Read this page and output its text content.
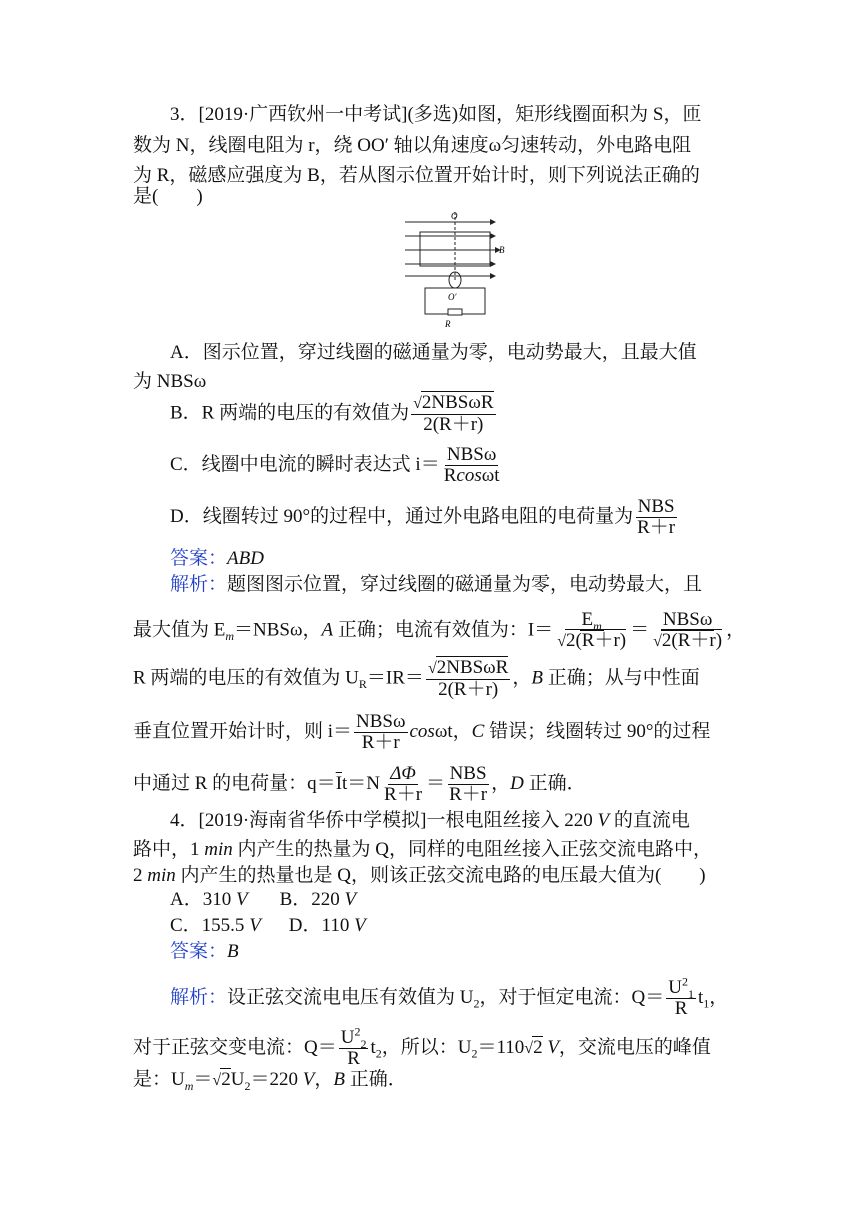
3．[2019·广西钦州一中考试](多选)如图，矩形线圈面积为 S，匝
数为 N，线圈电阻为 r，绕 OO′ 轴以角速度ω匀速转动，外电路电阻
为 R，磁感应强度为 B，若从图示位置开始计时，则下列说法正确的
是(　　)
O
B
O′
R
A．图示位置，穿过线圈的磁通量为零，电动势最大，且最大值
为 NBSω
B．R 两端的电压的有效值为 $\frac{\text{√2NBSωR}}{2(R+r)}$
C．线圈中电流的瞬时表达式 $i= \frac{\text{NBSω}}{Rcos\omega t}$
D．线圈转过 90°的过程中，通过外电路电阻的电荷量为 $\frac{\text{NBS}}{R+r}$
答案：ABD
解析：题图图示位置，穿过线圈的磁通量为零，电动势最大，且
最大值为 $E_m=NBS\omega$，A 正确；电流有效值为：$I= \frac{E_m}{√2(R+r)} = \frac{\text{NBSω}}{√2(R+r)}$ ，
R 两端的电压的有效值为 $U_R=IR= \frac{\text{√2NBSωR}}{2(R+r)}$ ，B 正确；从与中性面
垂直位置开始计时，则 $i= \frac{\text{NBSω}}{R+r}$ cosωt，C 错误；线圈转过 90°的过程
中通过 R 的电荷量：$q=\overline{I}t=N \frac{\Delta\Phi}{R+r} = \frac{\text{NBS}}{R+r}$ ，D 正确．
4．[2019·海南省华侨中学模拟]一根电阻丝接入 220 V 的直流电
路中，1 min 内产生的热量为 Q，同样的电阻丝接入正弦交流电路中，
2 min 内产生的热量也是 Q，则该正弦交流电路的电压最大值为(　　)
A．310 V B．220 V
C．155.5 V D．110 V
答案：B
解析：设正弦交流电电压有效值为 $U_2$，对于恒定电流：$Q= \frac{U^2_1}{R} t_1$，
对于正弦交变电流：$Q= \frac{U^2_2}{R} t_2$，所以：$U_2=110√2$ V，交流电压的峰值
是：$U_m=√2U_2=220$ V，B 正确．
